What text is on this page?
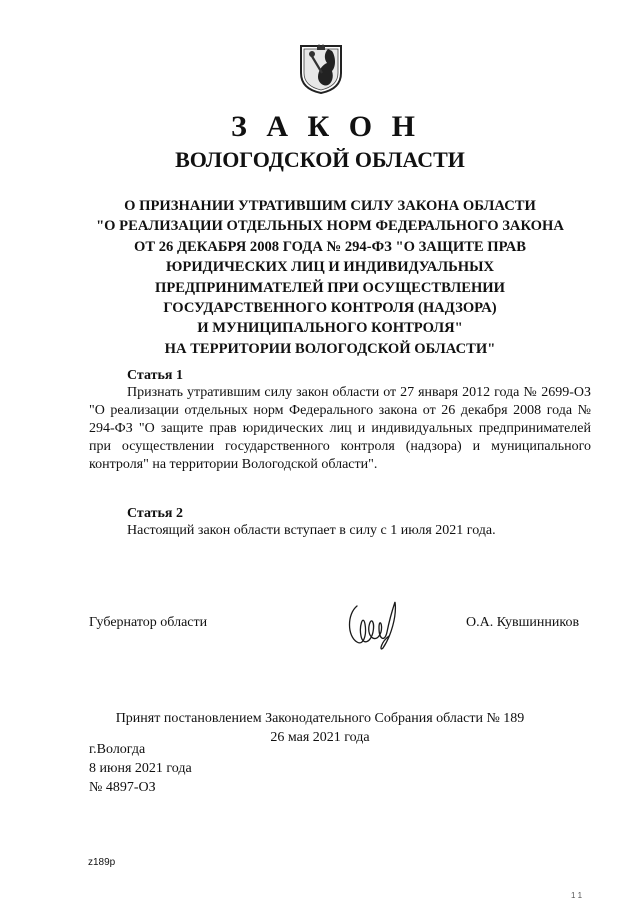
З А К О Н
ВОЛОГОДСКОЙ ОБЛАСТИ
О ПРИЗНАНИИ УТРАТИВШИМ СИЛУ ЗАКОНА ОБЛАСТИ
"О РЕАЛИЗАЦИИ ОТДЕЛЬНЫХ НОРМ ФЕДЕРАЛЬНОГО ЗАКОНА
ОТ 26 ДЕКАБРЯ 2008 ГОДА № 294-ФЗ "О ЗАЩИТЕ ПРАВ
ЮРИДИЧЕСКИХ ЛИЦ И ИНДИВИДУАЛЬНЫХ
ПРЕДПРИНИМАТЕЛЕЙ ПРИ ОСУЩЕСТВЛЕНИИ
ГОСУДАРСТВЕННОГО КОНТРОЛЯ (НАДЗОРА)
И МУНИЦИПАЛЬНОГО КОНТРОЛЯ"
НА ТЕРРИТОРИИ ВОЛОГОДСКОЙ ОБЛАСТИ"
Статья 1
Признать утратившим силу закон области от 27 января 2012 года № 2699-ОЗ "О реализации отдельных норм Федерального закона от 26 декабря 2008 года № 294-ФЗ "О защите прав юридических лиц и индивидуальных предпринимателей при осуществлении государственного контроля (надзора) и муниципального контроля" на территории Вологодской области".
Статья 2
Настоящий закон области вступает в силу с 1 июля 2021 года.
Губернатор области	О.А. Кувшинников
Принят постановлением Законодательного Собрания области № 189
26 мая 2021 года
г.Вологда
8 июня 2021 года
№ 4897-ОЗ
z189p
1 1
